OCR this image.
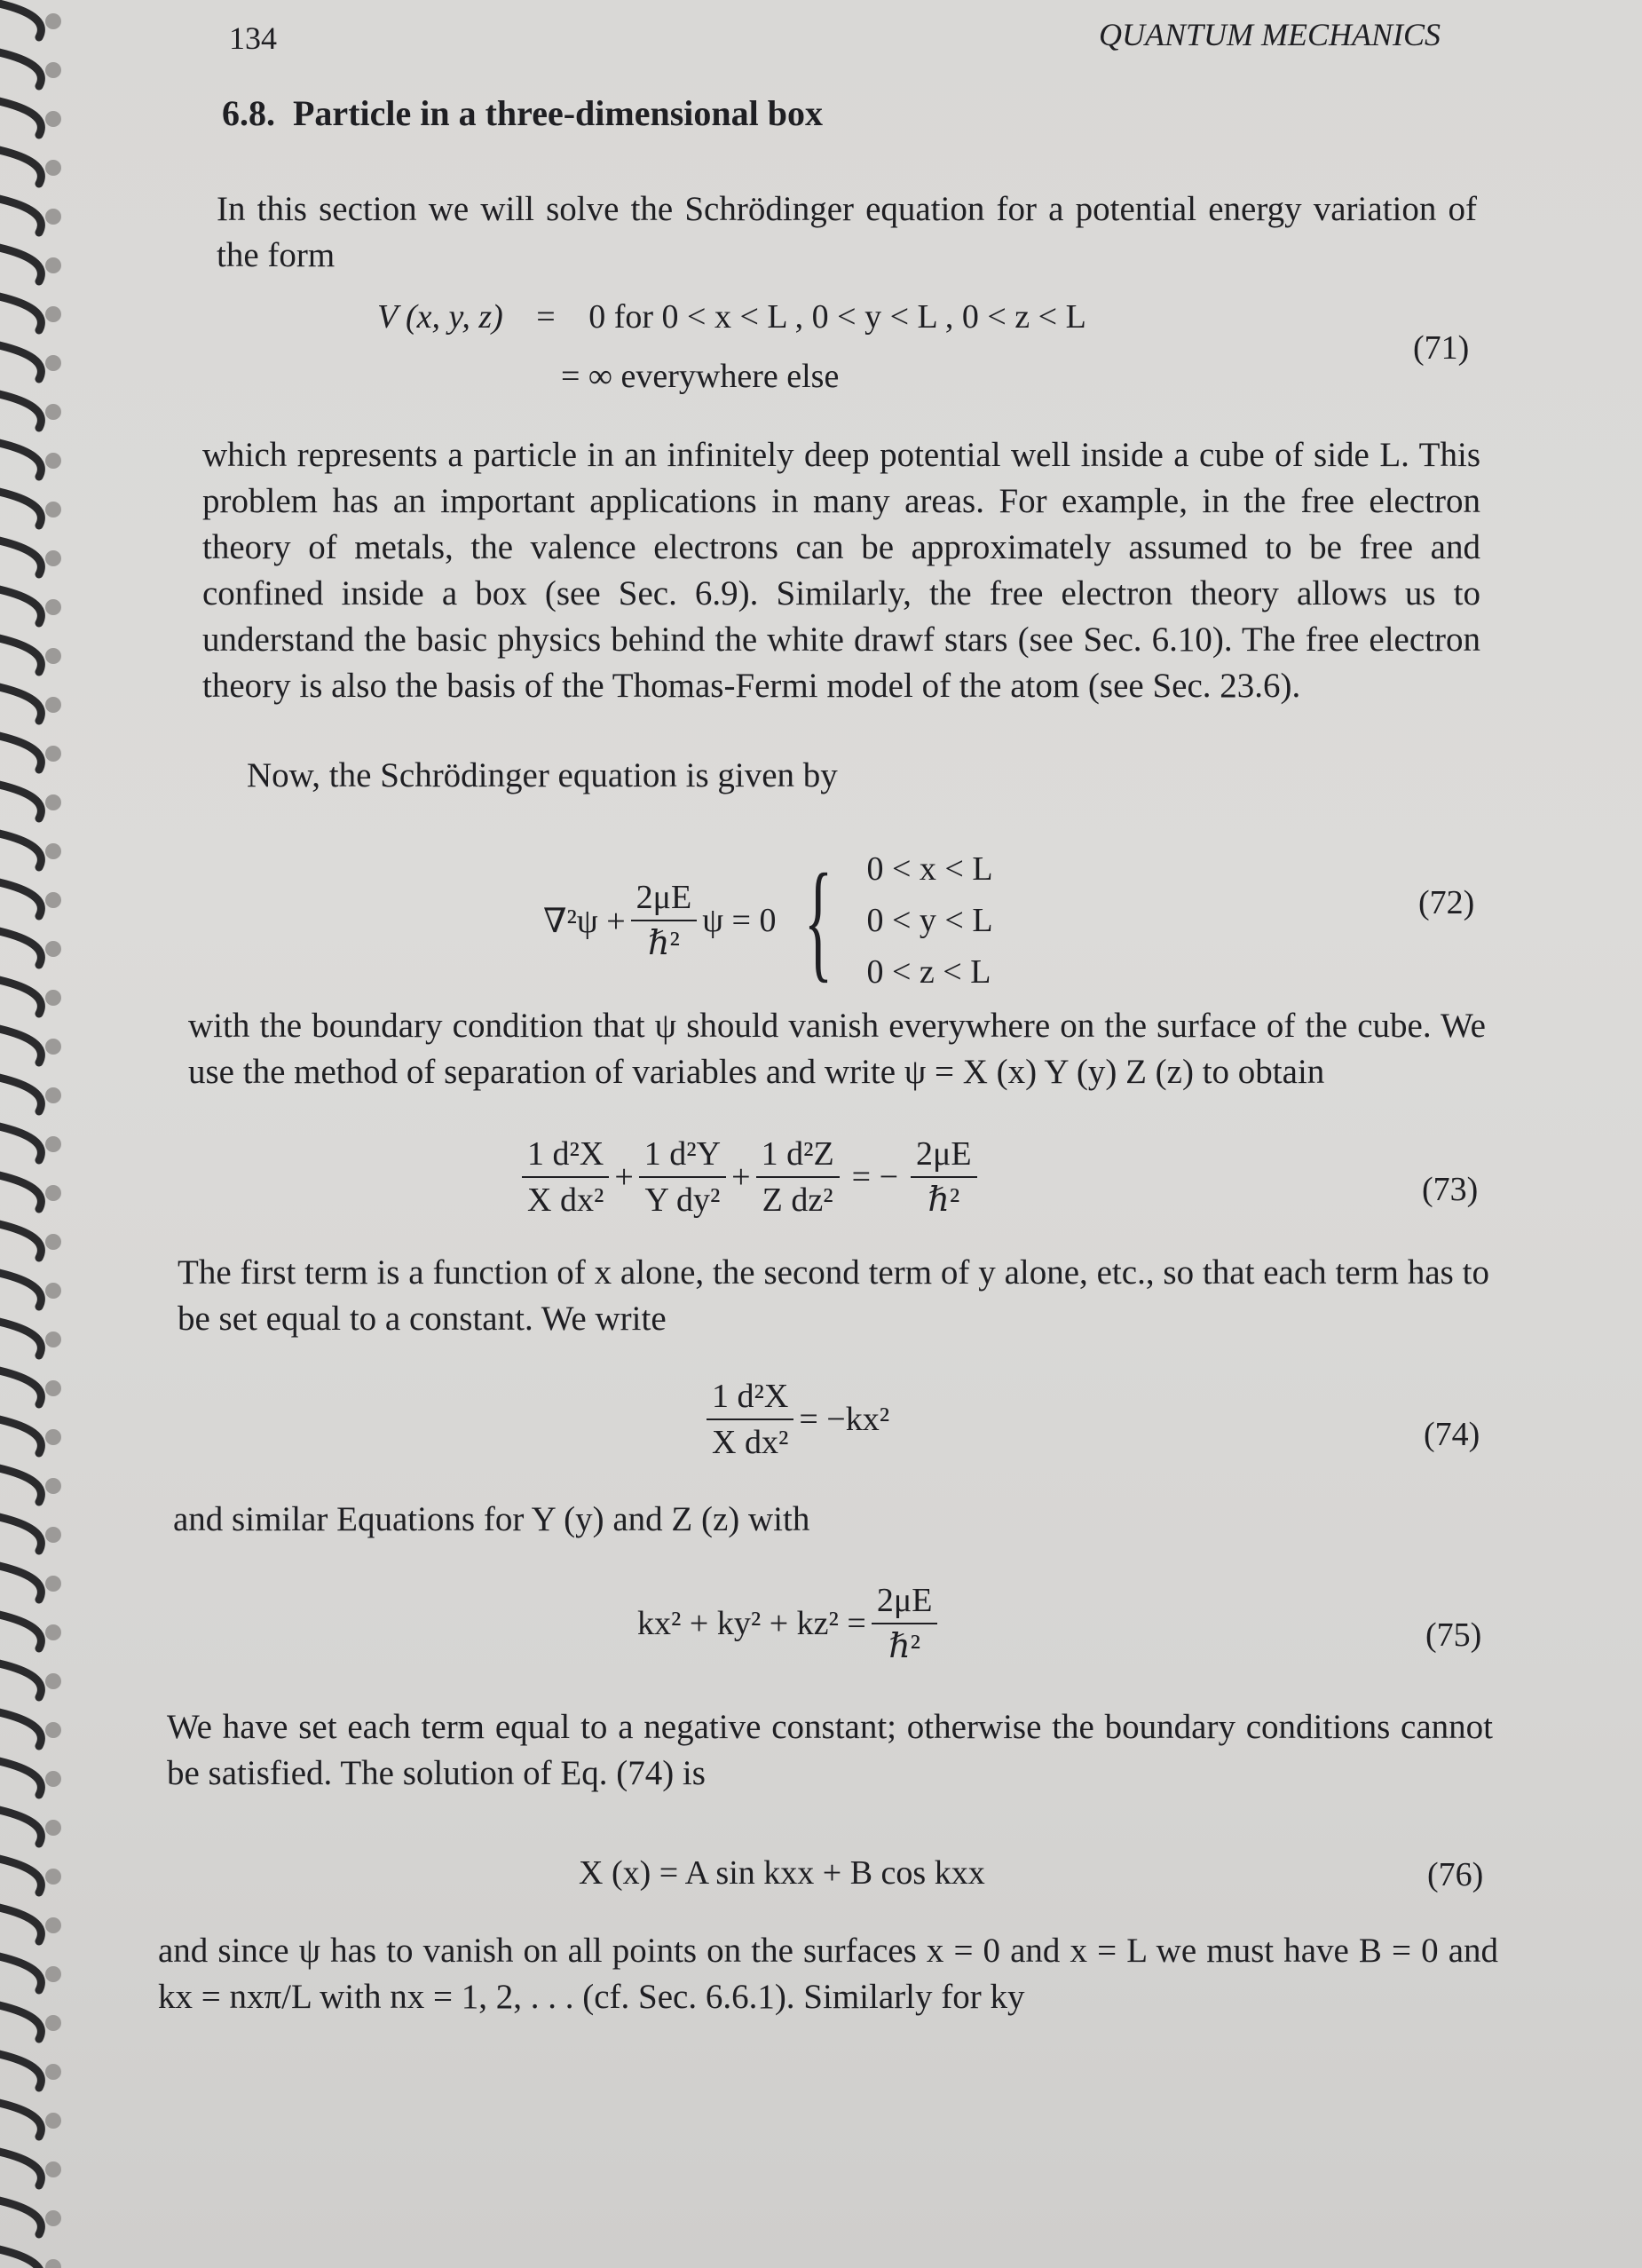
134	QUANTUM MECHANICS
6.8. Particle in a three-dimensional box

In this section we will solve the Schrödinger equation for a potential energy variation of the form

V (x, y, z) = 0 for 0 < x < L , 0 < y < L , 0 < z < L
= ∞ everywhere else
(71)

which represents a particle in an infinitely deep potential well inside a cube of side L. This problem has an important applications in many areas. For example, in the free electron theory of metals, the valence electrons can be approximately assumed to be free and confined inside a box (see Sec. 6.9). Similarly, the free electron theory allows us to understand the basic physics behind the white drawf stars (see Sec. 6.10). The free electron theory is also the basis of the Thomas-Fermi model of the atom (see Sec. 23.6).

Now, the Schrödinger equation is given by

$\nabla^2\psi + \frac{2\mu E}{\text{ℏ²}}$ ψ = 0 { 0 < x < L
0 < y < L
0 < z < L
(72)

with the boundary condition that ψ should vanish everywhere on the surface of the cube. We use the method of separation of variables and write ψ = X (x) Y (y) Z (z) to obtain

$\frac{\text{1 d²X}}{\text{X dx²}} + \frac{\text{1 d²Y}}{\text{Y dy²}} + \frac{\text{1 d²Z}}{\text{Z dz²}}$ = − $\frac{2\mu E}{\text{ℏ²}}$	(73)

The first term is a function of x alone, the second term of y alone, etc., so that each term has to be set equal to a constant. We write

$\frac{\text{1 d²X}}{\text{X dx²}} = -kx^2$	(74)

and similar Equations for Y (y) and Z (z) with

$kx^2 + ky^2 + kz^2 = \frac{2\mu E}{\text{ℏ²}}$	(75)

We have set each term equal to a negative constant; otherwise the boundary conditions cannot be satisfied. The solution of Eq. (74) is

X (x) = A sin kxx + B cos kxx	(76)

and since ψ has to vanish on all points on the surfaces x = 0 and x = L we must have B = 0 and kx = nxπ/L with nx = 1, 2, . . . (cf. Sec. 6.6.1). Similarly for ky
